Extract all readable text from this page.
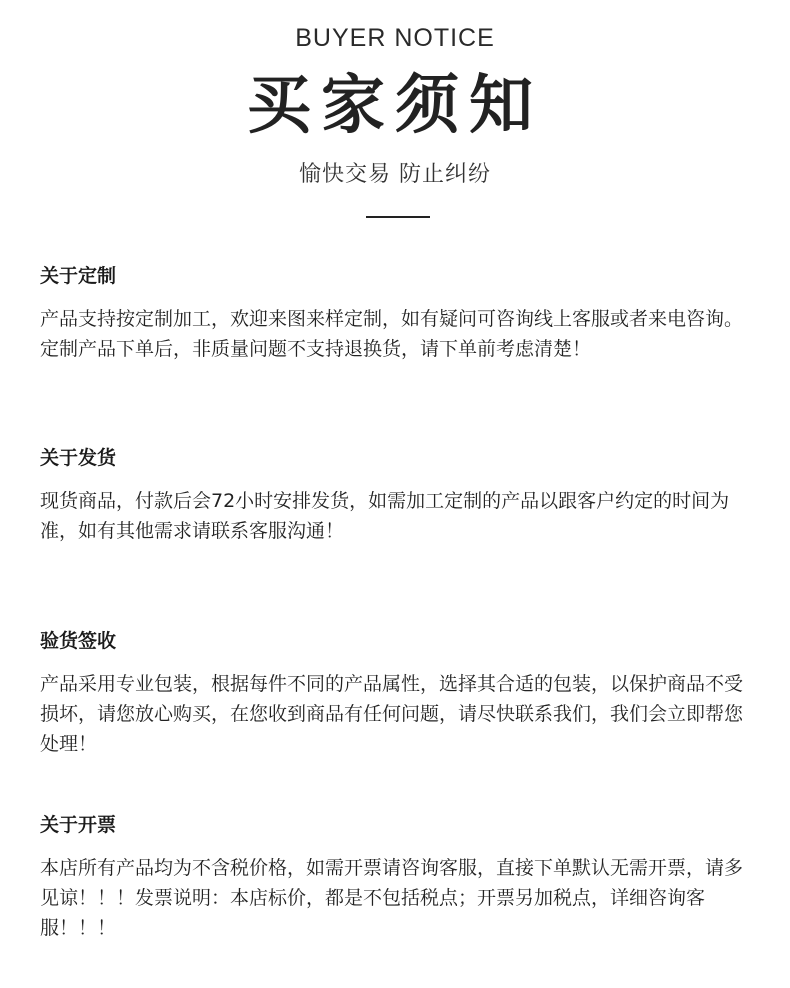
BUYER NOTICE
买家须知
愉快交易 防止纠纷
关于定制
产品支持按定制加工，欢迎来图来样定制，如有疑问可咨询线上客服或者来电咨询。定制产品下单后，非质量问题不支持退换货，请下单前考虑清楚！
关于发货
现货商品，付款后会72小时安排发货，如需加工定制的产品以跟客户约定的时间为准，如有其他需求请联系客服沟通！
验货签收
产品采用专业包装，根据每件不同的产品属性，选择其合适的包装，以保护商品不受损坏，请您放心购买，在您收到商品有任何问题，请尽快联系我们，我们会立即帮您处理！
关于开票
本店所有产品均为不含税价格，如需开票请咨询客服，直接下单默认无需开票，请多见谅！！！发票说明：本店标价，都是不包括税点；开票另加税点，详细咨询客服！！！
